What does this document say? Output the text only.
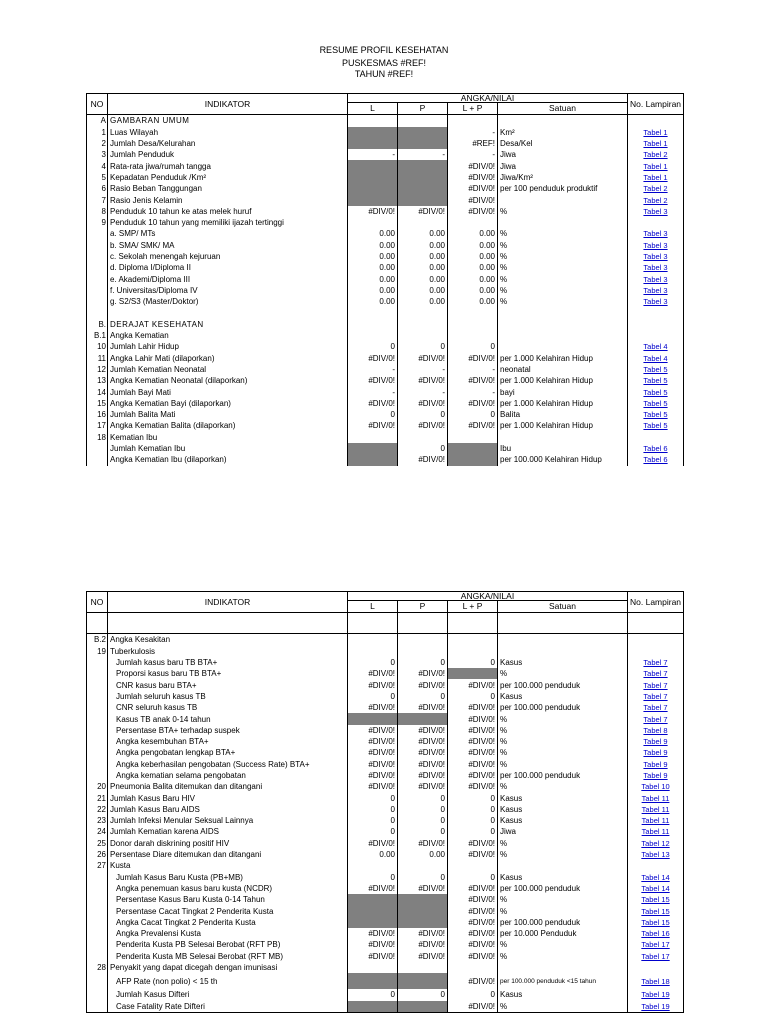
RESUME PROFIL KESEHATAN
PUSKESMAS #REF!
TAHUN #REF!
NO	INDIKATOR	ANGKA/NILAI				No. Lampiran
		L	P	L + P	Satuan	
A	GAMBARAN UMUM					
1	Luas Wilayah			-	Km²	Tabel 1
2	Jumlah Desa/Kelurahan			#REF!	Desa/Kel	Tabel 1
3	Jumlah Penduduk	-	-	-	Jiwa	Tabel 2
4	Rata-rata jiwa/rumah tangga			#DIV/0!	Jiwa	Tabel 1
5	Kepadatan Penduduk /Km²			#DIV/0!	Jiwa/Km²	Tabel 1
6	Rasio Beban Tanggungan			#DIV/0!	per 100 penduduk produktif	Tabel 2
7	Rasio Jenis Kelamin			#DIV/0!		Tabel 2
8	Penduduk 10 tahun ke atas melek huruf	#DIV/0!	#DIV/0!	#DIV/0!	%	Tabel 3
9	Penduduk 10 tahun yang memiliki ijazah tertinggi					
	a. SMP/ MTs	0.00	0.00	0.00	%	Tabel 3
	b. SMA/ SMK/ MA	0.00	0.00	0.00	%	Tabel 3
	c. Sekolah menengah kejuruan	0.00	0.00	0.00	%	Tabel 3
	d. Diploma I/Diploma II	0.00	0.00	0.00	%	Tabel 3
	e. Akademi/Diploma III	0.00	0.00	0.00	%	Tabel 3
	f. Universitas/Diploma IV	0.00	0.00	0.00	%	Tabel 3
	g. S2/S3 (Master/Doktor)	0.00	0.00	0.00	%	Tabel 3

B.	DERAJAT KESEHATAN					
B.1	Angka Kematian					
10	Jumlah Lahir Hidup	0	0	0		Tabel 4
11	Angka Lahir Mati (dilaporkan)	#DIV/0!	#DIV/0!	#DIV/0!	per 1.000 Kelahiran Hidup	Tabel 4
12	Jumlah Kematian Neonatal	-	-	-	neonatal	Tabel 5
13	Angka Kematian Neonatal (dilaporkan)	#DIV/0!	#DIV/0!	#DIV/0!	per 1.000 Kelahiran Hidup	Tabel 5
14	Jumlah Bayi Mati	-	-	-	bayi	Tabel 5
15	Angka Kematian Bayi (dilaporkan)	#DIV/0!	#DIV/0!	#DIV/0!	per 1.000 Kelahiran Hidup	Tabel 5
16	Jumlah Balita Mati	0	0	0	Balita	Tabel 5
17	Angka Kematian Balita (dilaporkan)	#DIV/0!	#DIV/0!	#DIV/0!	per 1.000 Kelahiran Hidup	Tabel 5
18	Kematian Ibu					
	Jumlah Kematian Ibu		0		Ibu	Tabel 6
	Angka Kematian Ibu (dilaporkan)		#DIV/0!		per 100.000 Kelahiran Hidup	Tabel 6
NO	INDIKATOR	ANGKA/NILAI				No. Lampiran
		L	P	L + P	Satuan	

B.2	Angka Kesakitan					
19	Tuberkulosis					
	Jumlah kasus baru TB BTA+	0	0	0	Kasus	Tabel 7
	Proporsi kasus baru TB BTA+	#DIV/0!	#DIV/0!		%	Tabel 7
	CNR kasus baru BTA+	#DIV/0!	#DIV/0!	#DIV/0!	per 100.000 penduduk	Tabel 7
	Jumlah seluruh kasus TB	0	0	0	Kasus	Tabel 7
	CNR seluruh kasus TB	#DIV/0!	#DIV/0!	#DIV/0!	per 100.000 penduduk	Tabel 7
	Kasus TB anak 0-14 tahun			#DIV/0!	%	Tabel 7
	Persentase BTA+ terhadap suspek	#DIV/0!	#DIV/0!	#DIV/0!	%	Tabel 8
	Angka kesembuhan BTA+	#DIV/0!	#DIV/0!	#DIV/0!	%	Tabel 9
	Angka pengobatan lengkap BTA+	#DIV/0!	#DIV/0!	#DIV/0!	%	Tabel 9
	Angka keberhasilan pengobatan (Success Rate) BTA+	#DIV/0!	#DIV/0!	#DIV/0!	%	Tabel 9
	Angka kematian selama pengobatan	#DIV/0!	#DIV/0!	#DIV/0!	per 100.000 penduduk	Tabel 9
20	Pneumonia Balita ditemukan dan ditangani	#DIV/0!	#DIV/0!	#DIV/0!	%	Tabel 10
21	Jumlah Kasus Baru HIV	0	0	0	Kasus	Tabel 11
22	Jumlah Kasus Baru AIDS	0	0	0	Kasus	Tabel 11
23	Jumlah Infeksi Menular Seksual Lainnya	0	0	0	Kasus	Tabel 11
24	Jumlah Kematian karena AIDS	0	0	0	Jiwa	Tabel 11
25	Donor darah diskrining positif HIV	#DIV/0!	#DIV/0!	#DIV/0!	%	Tabel 12
26	Persentase Diare ditemukan dan ditangani	0.00	0.00	#DIV/0!	%	Tabel 13
27	Kusta					
	Jumlah Kasus Baru Kusta (PB+MB)	0	0	0	Kasus	Tabel 14
	Angka penemuan kasus baru kusta (NCDR)	#DIV/0!	#DIV/0!	#DIV/0!	per 100.000 penduduk	Tabel 14
	Persentase Kasus Baru Kusta 0-14 Tahun			#DIV/0!	%	Tabel 15
	Persentase Cacat Tingkat 2 Penderita Kusta			#DIV/0!	%	Tabel 15
	Angka Cacat Tingkat 2 Penderita Kusta			#DIV/0!	per 100.000 penduduk	Tabel 15
	Angka Prevalensi Kusta	#DIV/0!	#DIV/0!	#DIV/0!	per 10.000 Penduduk	Tabel 16
	Penderita Kusta PB Selesai Berobat (RFT PB)	#DIV/0!	#DIV/0!	#DIV/0!	%	Tabel 17
	Penderita Kusta MB Selesai Berobat (RFT MB)	#DIV/0!	#DIV/0!	#DIV/0!	%	Tabel 17
28	Penyakit yang dapat dicegah dengan imunisasi					
	AFP Rate (non polio) < 15 th			#DIV/0!	per 100.000 penduduk <15 tahun	Tabel 18
	Jumlah Kasus Difteri	0	0	0	Kasus	Tabel 19
	Case Fatality Rate Difteri			#DIV/0!	%	Tabel 19
